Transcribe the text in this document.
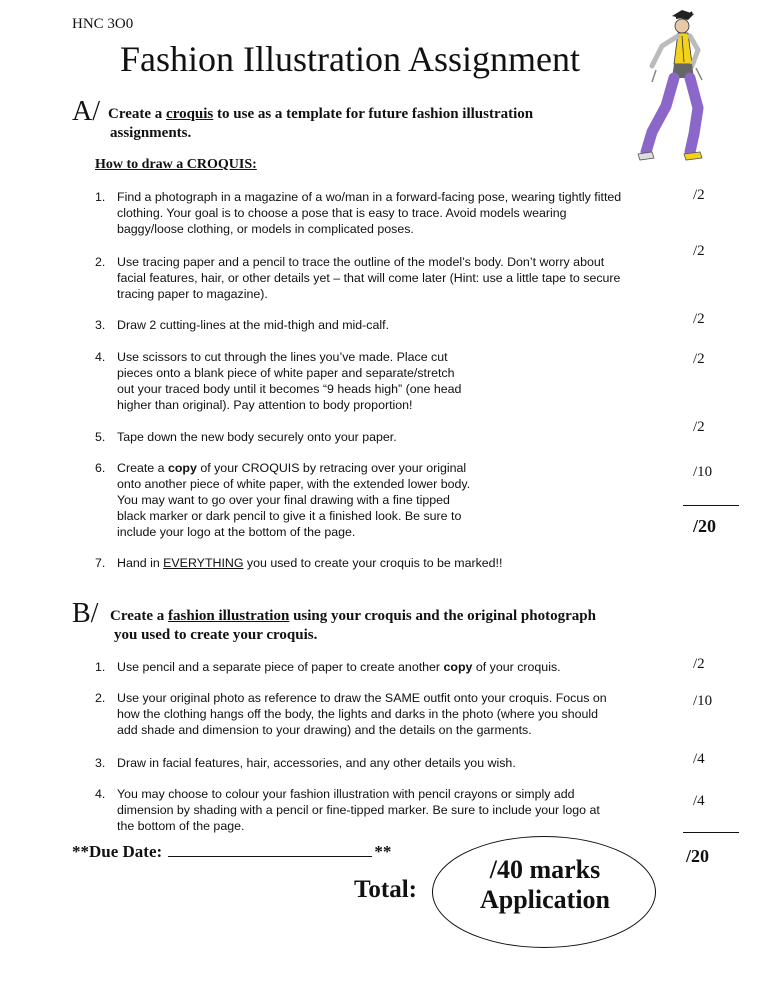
HNC 3O0
Fashion Illustration Assignment
A/ Create a croquis to use as a template for future fashion illustration
assignments.
How to draw a CROQUIS:
1. Find a photograph in a magazine of a wo/man in a forward-facing pose, wearing tightly fitted
clothing. Your goal is to choose a pose that is easy to trace. Avoid models wearing
baggy/loose clothing, or models in complicated poses.
/2
2. Use tracing paper and a pencil to trace the outline of the model’s body. Don’t worry about
facial features, hair, or other details yet – that will come later (Hint: use a little tape to secure
tracing paper to magazine).
/2
3. Draw 2 cutting-lines at the mid-thigh and mid-calf.	/2
4. Use scissors to cut through the lines you’ve made. Place cut
pieces onto a blank piece of white paper and separate/stretch
out your traced body until it becomes “9 heads high” (one head
higher than original). Pay attention to body proportion!
/2
5. Tape down the new body securely onto your paper.
/2
6. Create a copy of your CROQUIS by retracing over your original
onto another piece of white paper, with the extended lower body.
You may want to go over your final drawing with a fine tipped
black marker or dark pencil to give it a finished look. Be sure to
include your logo at the bottom of the page.
/10
/20
7. Hand in EVERYTHING you used to create your croquis to be marked!!
B/ Create a fashion illustration using your croquis and the original photograph
you used to create your croquis.
1. Use pencil and a separate piece of paper to create another copy of your croquis.	/2
2. Use your original photo as reference to draw the SAME outfit onto your croquis. Focus on
how the clothing hangs off the body, the lights and darks in the photo (where you should
add shade and dimension to your drawing) and the details on the garments.
/10
3. Draw in facial features, hair, accessories, and any other details you wish.	/4
4. You may choose to colour your fashion illustration with pencil crayons or simply add
dimension by shading with a pencil or fine-tipped marker. Be sure to include your logo at
the bottom of the page.
/4
/20
**Due Date:	**
Total:
/40 marks
Application
